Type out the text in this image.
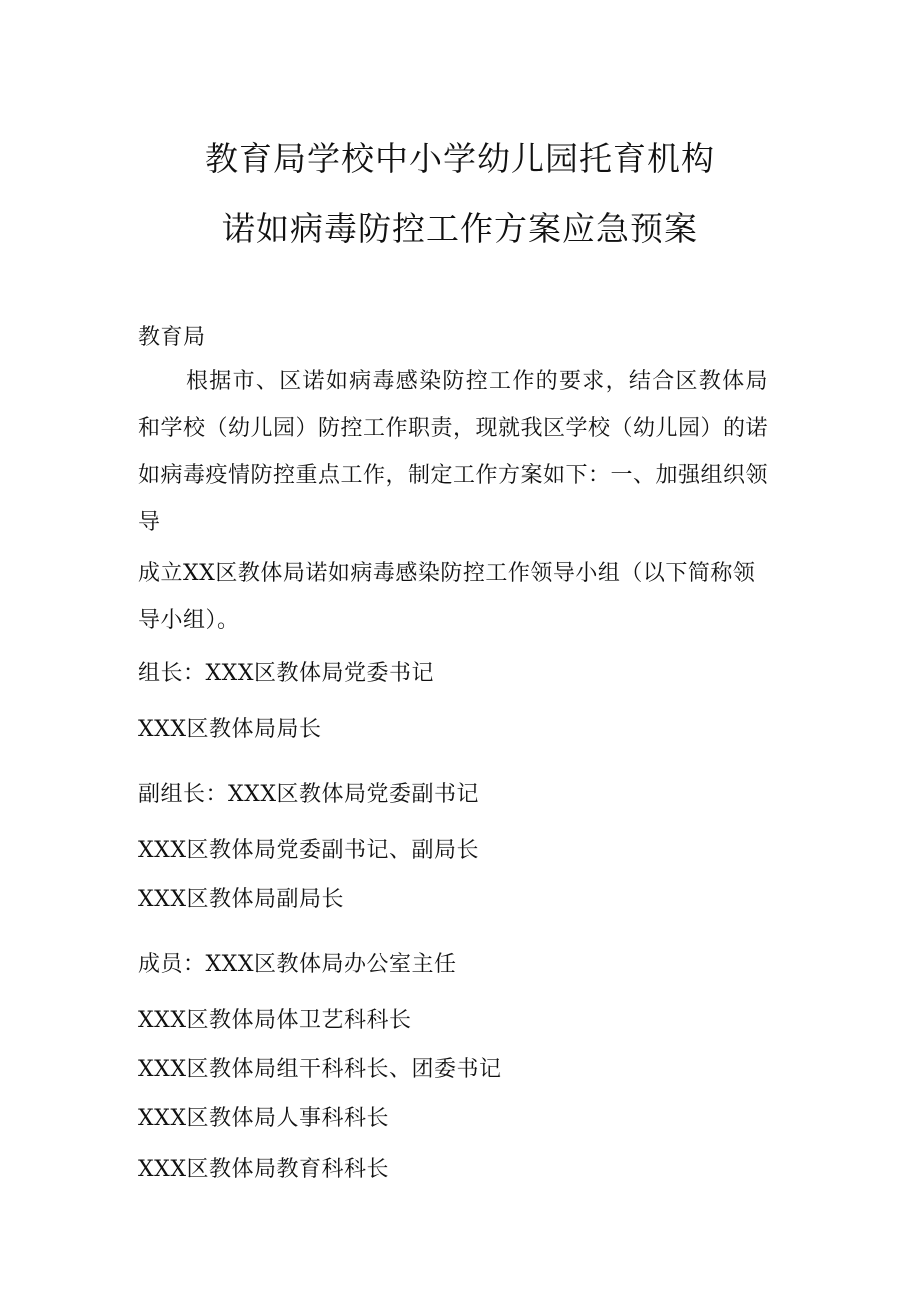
教育局学校中小学幼儿园托育机构
诺如病毒防控工作方案应急预案
教育局
根据市、区诺如病毒感染防控工作的要求，结合区教体局和学校（幼儿园）防控工作职责，现就我区学校（幼儿园）的诺如病毒疫情防控重点工作，制定工作方案如下：一、加强组织领导
成立XX区教体局诺如病毒感染防控工作领导小组（以下简称领导小组）。
组长：XXX区教体局党委书记
XXX区教体局局长
副组长：XXX区教体局党委副书记
XXX区教体局党委副书记、副局长
XXX区教体局副局长
成员：XXX区教体局办公室主任
XXX区教体局体卫艺科科长
XXX区教体局组干科科长、团委书记
XXX区教体局人事科科长
XXX区教体局教育科科长
